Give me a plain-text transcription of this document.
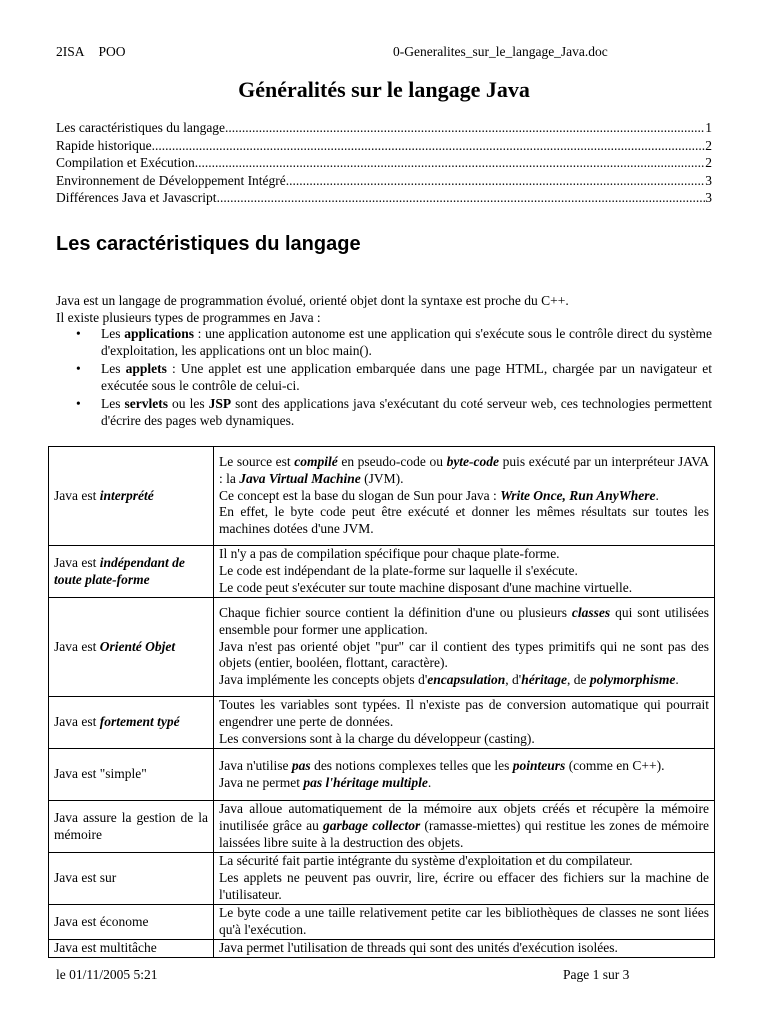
2ISA POO	0-Generalites_sur_le_langage_Java.doc
Généralités sur le langage Java
Les caractéristiques du langage .....	1
Rapide historique .....	2
Compilation et Exécution .....	2
Environnement de Développement Intégré .....	3
Différences Java et Javascript .....	3
Les caractéristiques du langage

Java est un langage de programmation évolué, orienté objet dont la syntaxe est proche du C++.

Il existe plusieurs types de programmes en Java :

• Les applications : une application autonome est une application qui s'exécute sous le contrôle direct du système d'exploitation, les applications ont un bloc main().
• Les applets : Une applet est une application embarquée dans une page HTML, chargée par un navigateur et exécutée sous le contrôle de celui-ci.
• Les servlets ou les JSP sont des applications java s'exécutant du coté serveur web, ces technologies permettent d'écrire des pages web dynamiques.
Java est interprété	Le source est compilé en pseudo-code ou byte-code puis exécuté par un interpréteur JAVA : la Java Virtual Machine (JVM).
Ce concept est la base du slogan de Sun pour Java : Write Once, Run AnyWhere.
En effet, le byte code peut être exécuté et donner les mêmes résultats sur toutes les machines dotées d'une JVM.

Java est indépendant de toute plate-forme	Il n'y a pas de compilation spécifique pour chaque plate-forme.
Le code est indépendant de la plate-forme sur laquelle il s'exécute.
Le code peut s'exécuter sur toute machine disposant d'une machine virtuelle.

Java est Orienté Objet	Chaque fichier source contient la définition d'une ou plusieurs classes qui sont utilisées ensemble pour former une application.
Java n'est pas orienté objet "pur" car il contient des types primitifs qui ne sont pas des objets (entier, booléen, flottant, caractère).
Java implémente les concepts objets d'encapsulation, d'héritage, de polymorphisme.

Java est fortement typé	Toutes les variables sont typées. Il n'existe pas de conversion automatique qui pourrait engendrer une perte de données.
Les conversions sont à la charge du développeur (casting).

Java est "simple"	Java n'utilise pas des notions complexes telles que les pointeurs (comme en C++).
Java ne permet pas l'héritage multiple.

Java assure la gestion de la mémoire	Java alloue automatiquement de la mémoire aux objets créés et récupère la mémoire inutilisée grâce au garbage collector (ramasse-miettes) qui restitue les zones de mémoire laissées libre suite à la destruction des objets.

Java est sur	La sécurité fait partie intégrante du système d'exploitation et du compilateur.
Les applets ne peuvent pas ouvrir, lire, écrire ou effacer des fichiers sur la machine de l'utilisateur.

Java est économe	Le byte code a une taille relativement petite car les bibliothèques de classes ne sont liées qu'à l'exécution.

Java est multitâche	Java permet l'utilisation de threads qui sont des unités d'exécution isolées.
le 01/11/2005 5:21	Page 1 sur 3
